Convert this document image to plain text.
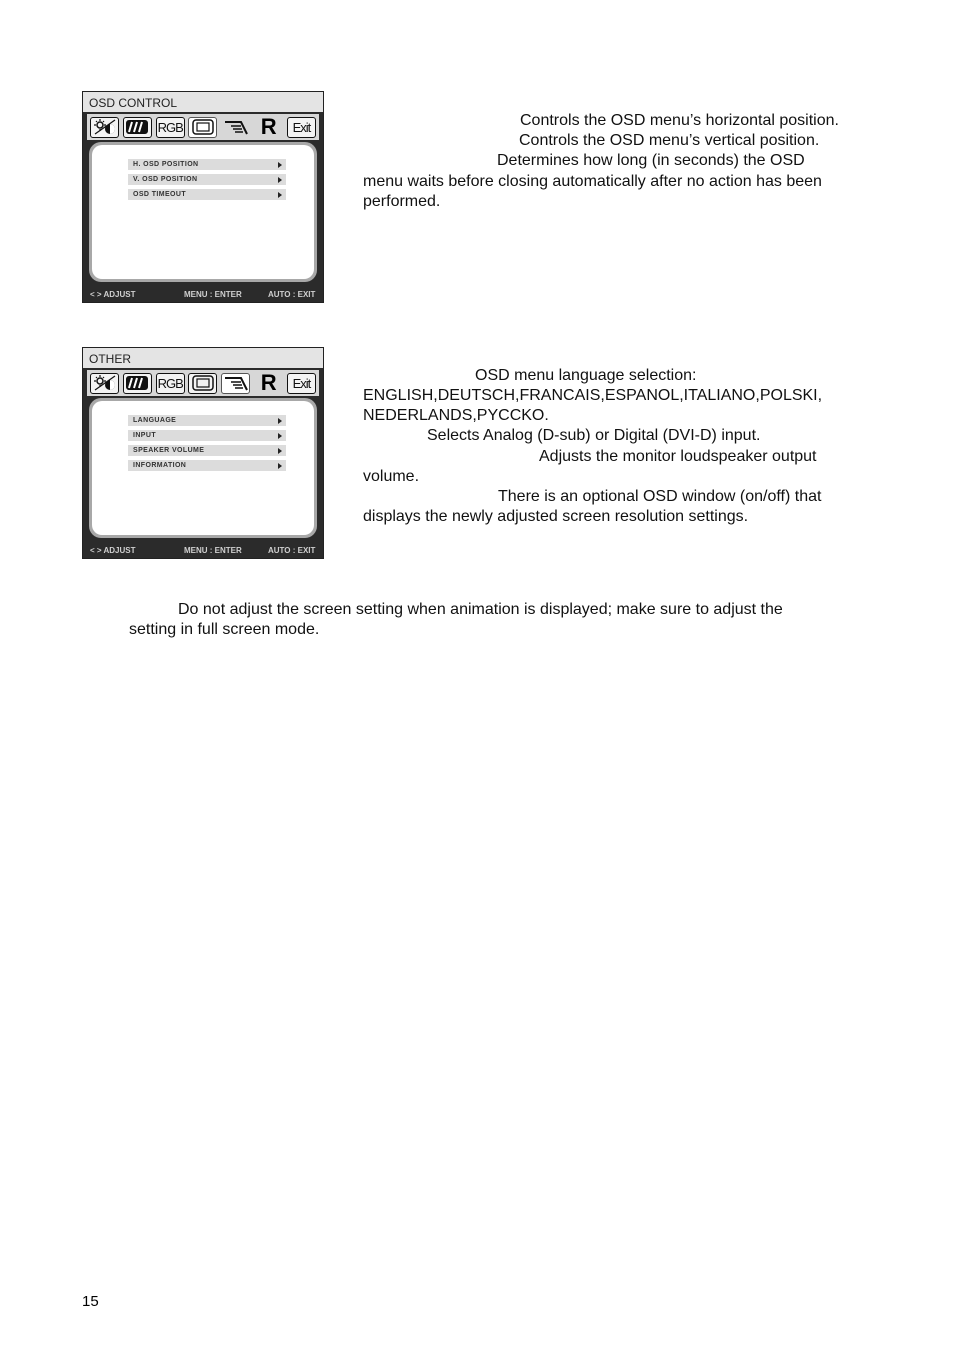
OSD CONTROL
RGB	R Exit
H. OSD POSITION
V. OSD POSITION
OSD TIMEOUT
< > ADJUST	MENU : ENTER	AUTO : EXIT
Controls the OSD menu’s horizontal position.
Controls the OSD menu’s vertical position.
Determines how long (in seconds) the OSD
menu waits before closing automatically after no action has been
performed.
OTHER
RGB	R Exit
LANGUAGE
INPUT
SPEAKER VOLUME
INFORMATION
< > ADJUST	MENU : ENTER	AUTO : EXIT
OSD menu language selection:
ENGLISH,DEUTSCH,FRANCAIS,ESPANOL,ITALIANO,POLSKI,
NEDERLANDS,PYCCKO.
Selects Analog (D-sub) or Digital (DVI-D) input.
Adjusts the monitor loudspeaker output
volume.
There is an optional OSD window (on/off) that
displays the newly adjusted screen resolution settings.
Do not adjust the screen setting when animation is displayed; make sure to adjust the
setting in full screen mode.
15
